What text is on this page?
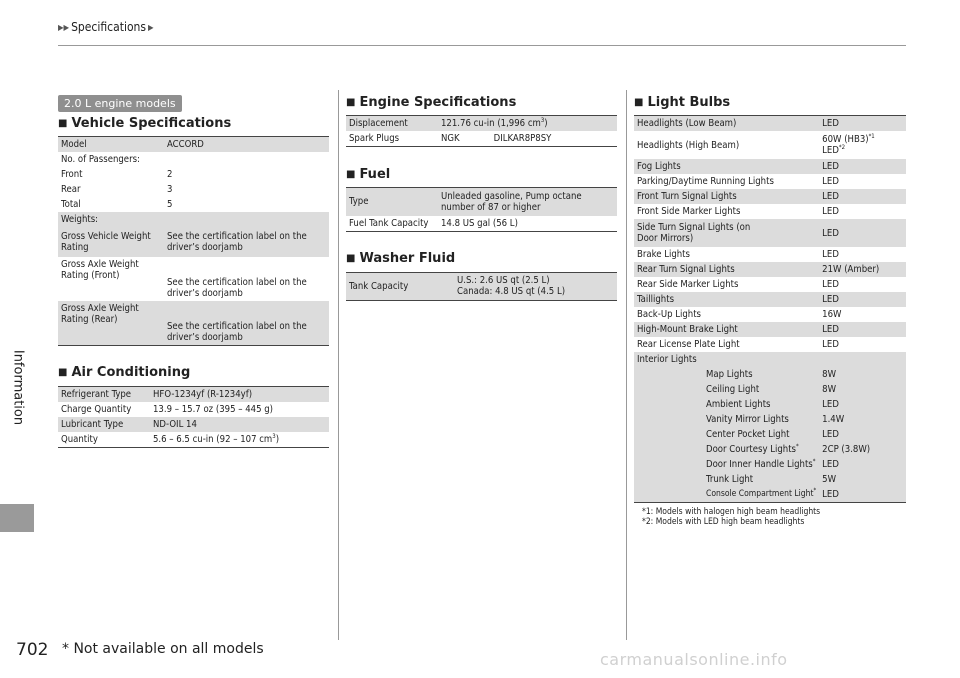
▶▶ Specifications ▶
Information
702 * Not available on all models
carmanualsonline.info
2.0 L engine models
■ Vehicle Specifications
Model	ACCORD
No. of Passengers:	
Front	2
Rear	3
Total	5
Weights:	
Gross Vehicle Weight Rating	See the certification label on the driver’s doorjamb
Gross Axle Weight Rating (Front)	See the certification label on the driver’s doorjamb
Gross Axle Weight Rating (Rear)	See the certification label on the driver’s doorjamb
■ Air Conditioning
Refrigerant Type	HFO-1234yf (R-1234yf)
Charge Quantity	13.9 – 15.7 oz (395 – 445 g)
Lubricant Type	ND-OIL 14
Quantity	5.6 – 6.5 cu-in (92 – 107 $cm^3$)
■ Engine Specifications
Displacement	121.76 cu-in (1,996 $cm^3$)
Spark Plugs	NGK DILKAR8P8SY
■ Fuel
Type	Unleaded gasoline, Pump octane number of 87 or higher
Fuel Tank Capacity	14.8 US gal (56 L)
■ Washer Fluid
Tank Capacity	U.S.: 2.6 US qt (2.5 L)
Canada: 4.8 US qt (4.5 L)
■ Light Bulbs
Headlights (Low Beam)	LED
Headlights (High Beam)	60W $(HB3)^{*1}$
LED$^{*2}$

Fog Lights	LED
Parking/Daytime Running Lights	LED
Front Turn Signal Lights	LED
Front Side Marker Lights	LED
Side Turn Signal Lights (on Door Mirrors)	LED
Brake Lights	LED
Rear Turn Signal Lights	21W (Amber)
Rear Side Marker Lights	LED
Taillights	LED
Back-Up Lights	16W
High-Mount Brake Light	LED
Rear License Plate Light	LED
Interior Lights	
Map Lights	8W
Ceiling Light	8W
Ambient Lights	LED
Vanity Mirror Lights	1.4W
Center Pocket Light	LED
Door Courtesy Lights*	2CP (3.8W)
Door Inner Handle Lights*	LED
Trunk Light	5W
Console Compartment Light*	LED
*1: Models with halogen high beam headlights
*2: Models with LED high beam headlights
